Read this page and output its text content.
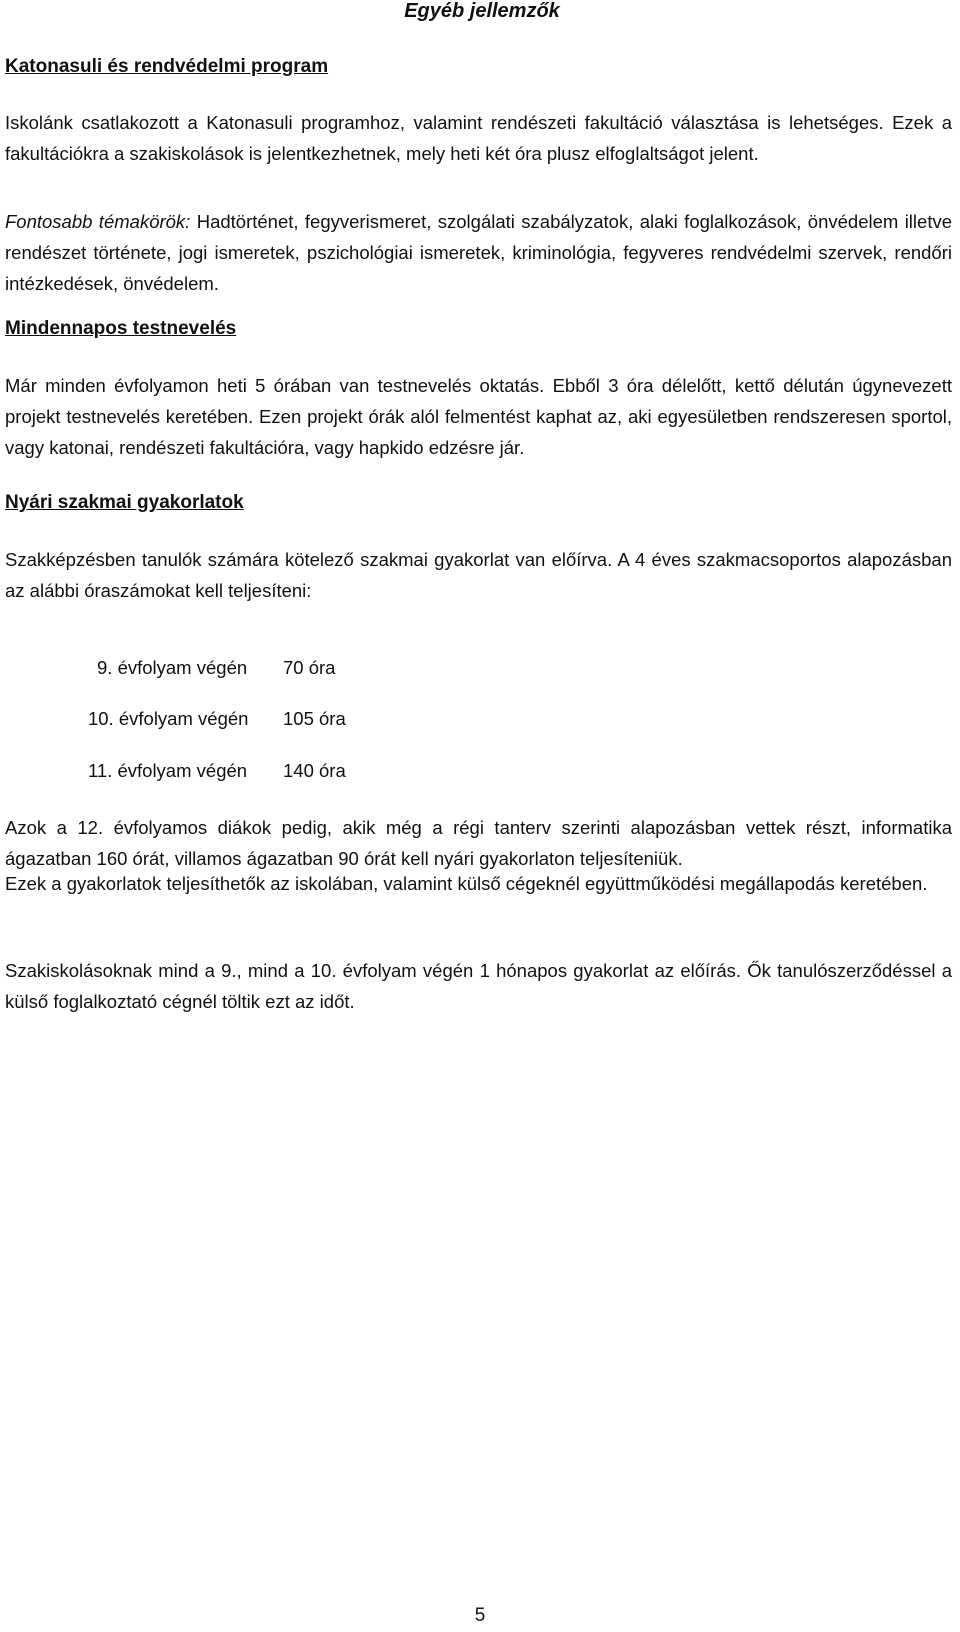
Egyéb jellemzők
Katonasuli és rendvédelmi program

Iskolánk csatlakozott a Katonasuli programhoz, valamint rendészeti fakultáció választása is lehetséges. Ezek a fakultációkra a szakiskolások is jelentkezhetnek, mely heti két óra plusz elfoglaltságot jelent.

Fontosabb témakörök: Hadtörténet, fegyverismeret, szolgálati szabályzatok, alaki foglalkozások, önvédelem illetve rendészet története, jogi ismeretek, pszichológiai ismeretek, kriminológia, fegyveres rendvédelmi szervek, rendőri intézkedések, önvédelem.

Mindennapos testnevelés

Már minden évfolyamon heti 5 órában van testnevelés oktatás. Ebből 3 óra délelőtt, kettő délután úgynevezett projekt testnevelés keretében. Ezen projekt órák alól felmentést kaphat az, aki egyesületben rendszeresen sportol, vagy katonai, rendészeti fakultációra, vagy hapkido edzésre jár.

Nyári szakmai gyakorlatok

Szakképzésben tanulók számára kötelező szakmai gyakorlat van előírva. A 4 éves szakmacsoportos alapozásban az alábbi óraszámokat kell teljesíteni:

9. évfolyam végén 70 óra
10. évfolyam végén 105 óra
11. évfolyam végén 140 óra

Azok a 12. évfolyamos diákok pedig, akik még a régi tanterv szerinti alapozásban vettek részt, informatika ágazatban 160 órát, villamos ágazatban 90 órát kell nyári gyakorlaton teljesíteniük.

Ezek a gyakorlatok teljesíthetők az iskolában, valamint külső cégeknél együttműködési megállapodás keretében.

Szakiskolásoknak mind a 9., mind a 10. évfolyam végén 1 hónapos gyakorlat az előírás. Ők tanulószerződéssel a külső foglalkoztató cégnél töltik ezt az időt.

5
